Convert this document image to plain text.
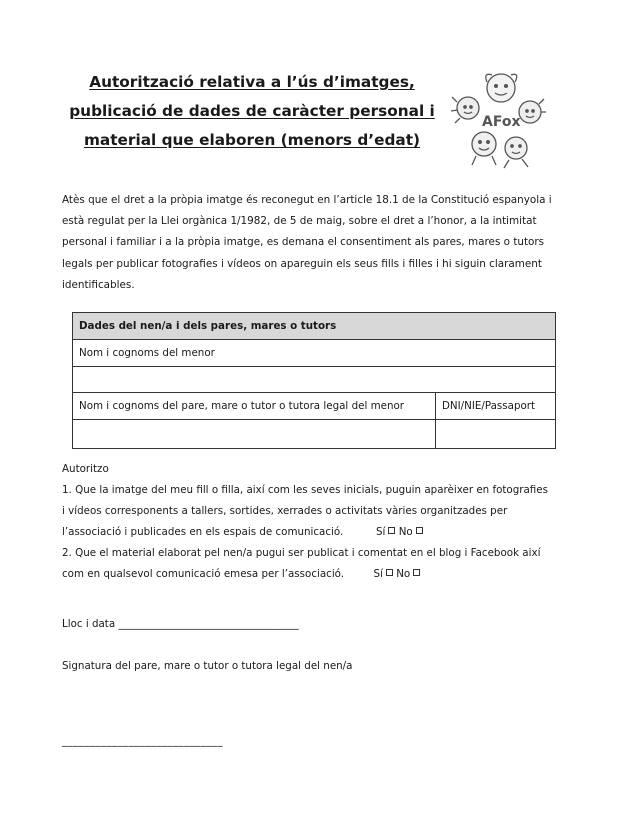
Autorització relativa a l’ús d’imatges,
publicació de dades de caràcter personal i
material que elaboren (menors d’edat)
AFox
Atès que el dret a la pròpia imatge és reconegut en l’article 18.1 de la Constitució espanyola i
està regulat per la Llei orgànica 1/1982, de 5 de maig, sobre el dret a l’honor, a la intimitat
personal i familiar i a la pròpia imatge, es demana el consentiment als pares, mares o tutors
legals per publicar fotografies i vídeos on apareguin els seus fills i filles i hi siguin clarament
identificables.
Dades del nen/a i dels pares, mares o tutors	
Nom i cognoms del menor	

Nom i cognoms del pare, mare o tutor o tutora legal del menor	DNI/NIE/Passaport

Autoritzo
1. Que la imatge del meu fill o filla, així com les seves inicials, puguin aparèixer en fotografies
i vídeos corresponents a tallers, sortides, xerrades o activitats vàries organitzades per
l’associació i publicades en els espais de comunicació.	Sí No
2. Que el material elaborat pel nen/a pugui ser publicat i comentat en el blog i Facebook així
com en qualsevol comunicació emesa per l’associació.	Sí No
Lloc i data ___________________________________
Signatura del pare, mare o tutor o tutora legal del nen/a
_____________________________
